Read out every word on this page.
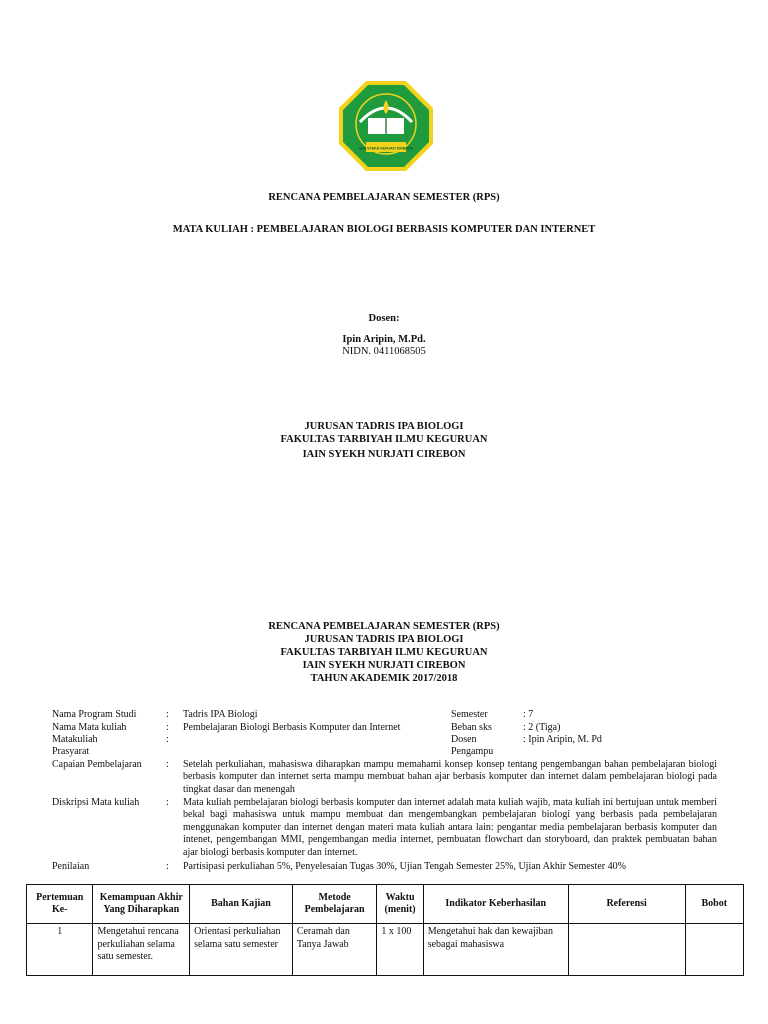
IAIN SYEKH NURJATI CIREBON
RENCANA PEMBELAJARAN SEMESTER (RPS)
MATA KULIAH : PEMBELAJARAN BIOLOGI BERBASIS KOMPUTER DAN INTERNET
Dosen:
Ipin Aripin, M.Pd.
NIDN. 0411068505
JURUSAN TADRIS IPA BIOLOGI
FAKULTAS TARBIYAH ILMU KEGURUAN
IAIN SYEKH NURJATI CIREBON
RENCANA PEMBELAJARAN SEMESTER (RPS)
JURUSAN TADRIS IPA BIOLOGI
FAKULTAS TARBIYAH ILMU KEGURUAN
IAIN SYEKH NURJATI CIREBON
TAHUN AKADEMIK 2017/2018
Nama Program Studi	: Tadris IPA Biologi	Semester	: 7
Nama Mata kuliah	: Pembelajaran Biologi Berbasis Komputer dan Internet	Beban sks	: 2 (Tiga)
Matakuliah	:	Dosen	: Ipin Aripin, M. Pd
Prasyarat	Pengampu
Capaian Pembelajaran : Setelah perkuliahan, mahasiswa diharapkan mampu memahami konsep konsep tentang pengembangan bahan pembelajaran biologi berbasis komputer dan internet serta mampu membuat bahan ajar berbasis komputer dan internet dalam pembelajaran biologi pada tingkat dasar dan menengah
Diskripsi Mata kuliah	: Mata kuliah pembelajaran biologi berbasis komputer dan internet adalah mata kuliah wajib, mata kuliah ini bertujuan untuk memberi bekal bagi mahasiswa untuk mampu membuat dan mengembangkan pembelajaran biologi yang berbasis pada pembelajaran menggunakan komputer dan internet dengan materi mata kuliah antara lain: pengantar media pembelajaran berbasis komputer dan intenet, pengembangan MMI, pengembangan media internet, pembuatan flowchart dan storyboard, dan praktek pembuatan bahan ajar biologi berbasis komputer dan internet.
Penilaian	: Partisipasi perkuliahan 5%, Penyelesaian Tugas 30%, Ujian Tengah Semester 25%, Ujian Akhir Semester 40%
Pertemuan Ke-	Kemampuan Akhir Yang Diharapkan	Bahan Kajian	Metode Pembelajaran	Waktu (menit)	Indikator Keberhasilan	Referensi	Bobot
1	Mengetahui rencana perkuliahan selama satu semester.	Orientasi perkuliahan selama satu semester	Ceramah dan Tanya Jawab	1 x 100	Mengetahui hak dan kewajiban sebagai mahasiswa		
